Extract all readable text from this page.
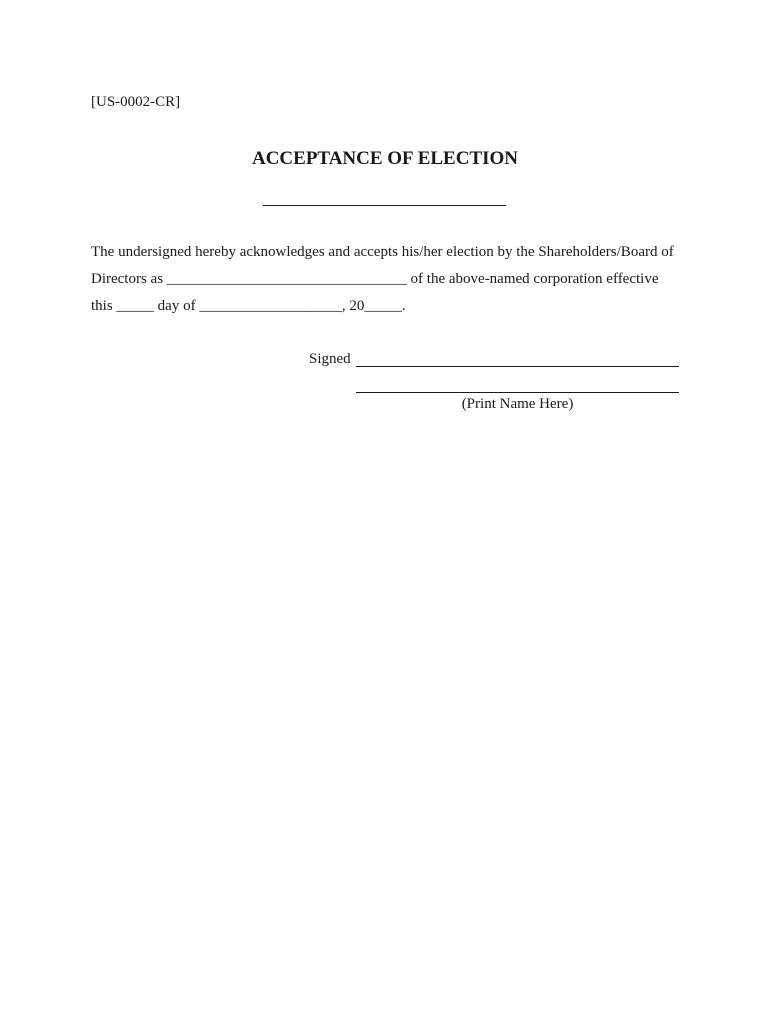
[US-0002-CR]
ACCEPTANCE OF ELECTION
The undersigned hereby acknowledges and accepts his/her election by the Shareholders/Board of
Directors as ________________________________ of the above-named corporation effective
this _____ day of ___________________, 20_____.
Signed
(Print Name Here)
